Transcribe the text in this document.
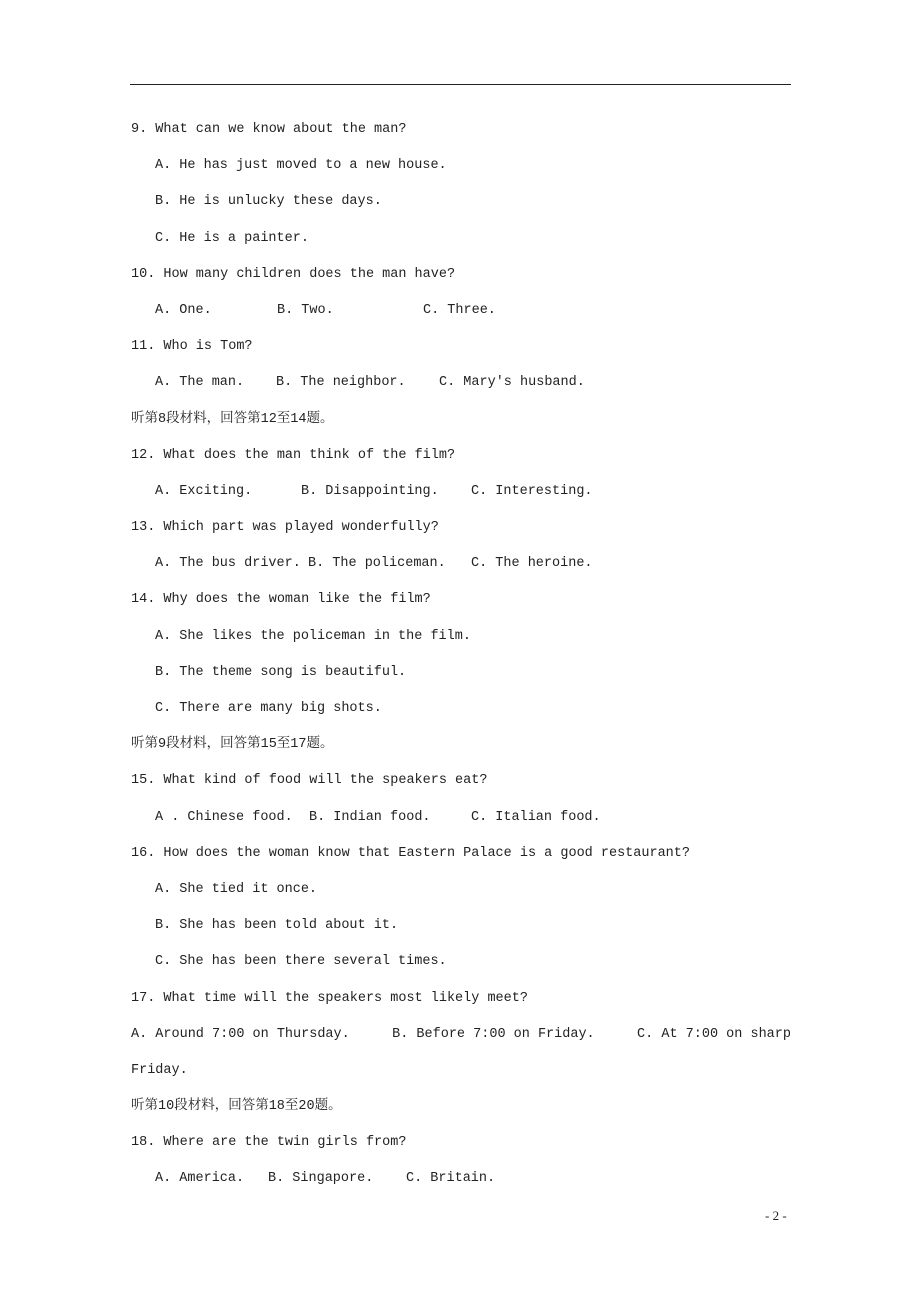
9. What can we know about the man?
A. He has just moved to a new house.
B. He is unlucky these days.
C. He is a painter.
10. How many children does the man have?
A. One.	B. Two.	C. Three.
11. Who is Tom?
A. The man. B. The neighbor. C. Mary's husband.
听第8段材料，回答第12至14题。
12. What does the man think of the film?
A. Exciting.	B. Disappointing. C. Interesting.
13. Which part was played wonderfully?
A. The bus driver. B. The policeman. C. The heroine.
14. Why does the woman like the film?
A. She likes the policeman in the film.
B. The theme song is beautiful.
C. There are many big shots.
听第9段材料，回答第15至17题。
15. What kind of food will the speakers eat?
A . Chinese food. B. Indian food.	C. Italian food.
16. How does the woman know that Eastern Palace is a good restaurant?
A. She tied it once.
B. She has been told about it.
C. She has been there several times.
17. What time will the speakers most likely meet?
A. Around 7:00 on Thursday.	B. Before 7:00 on Friday.	C. At 7:00 on sharp
Friday.
听第10段材料，回答第18至20题。
18. Where are the twin girls from?
A. America. B. Singapore. C. Britain.
- 2 -
